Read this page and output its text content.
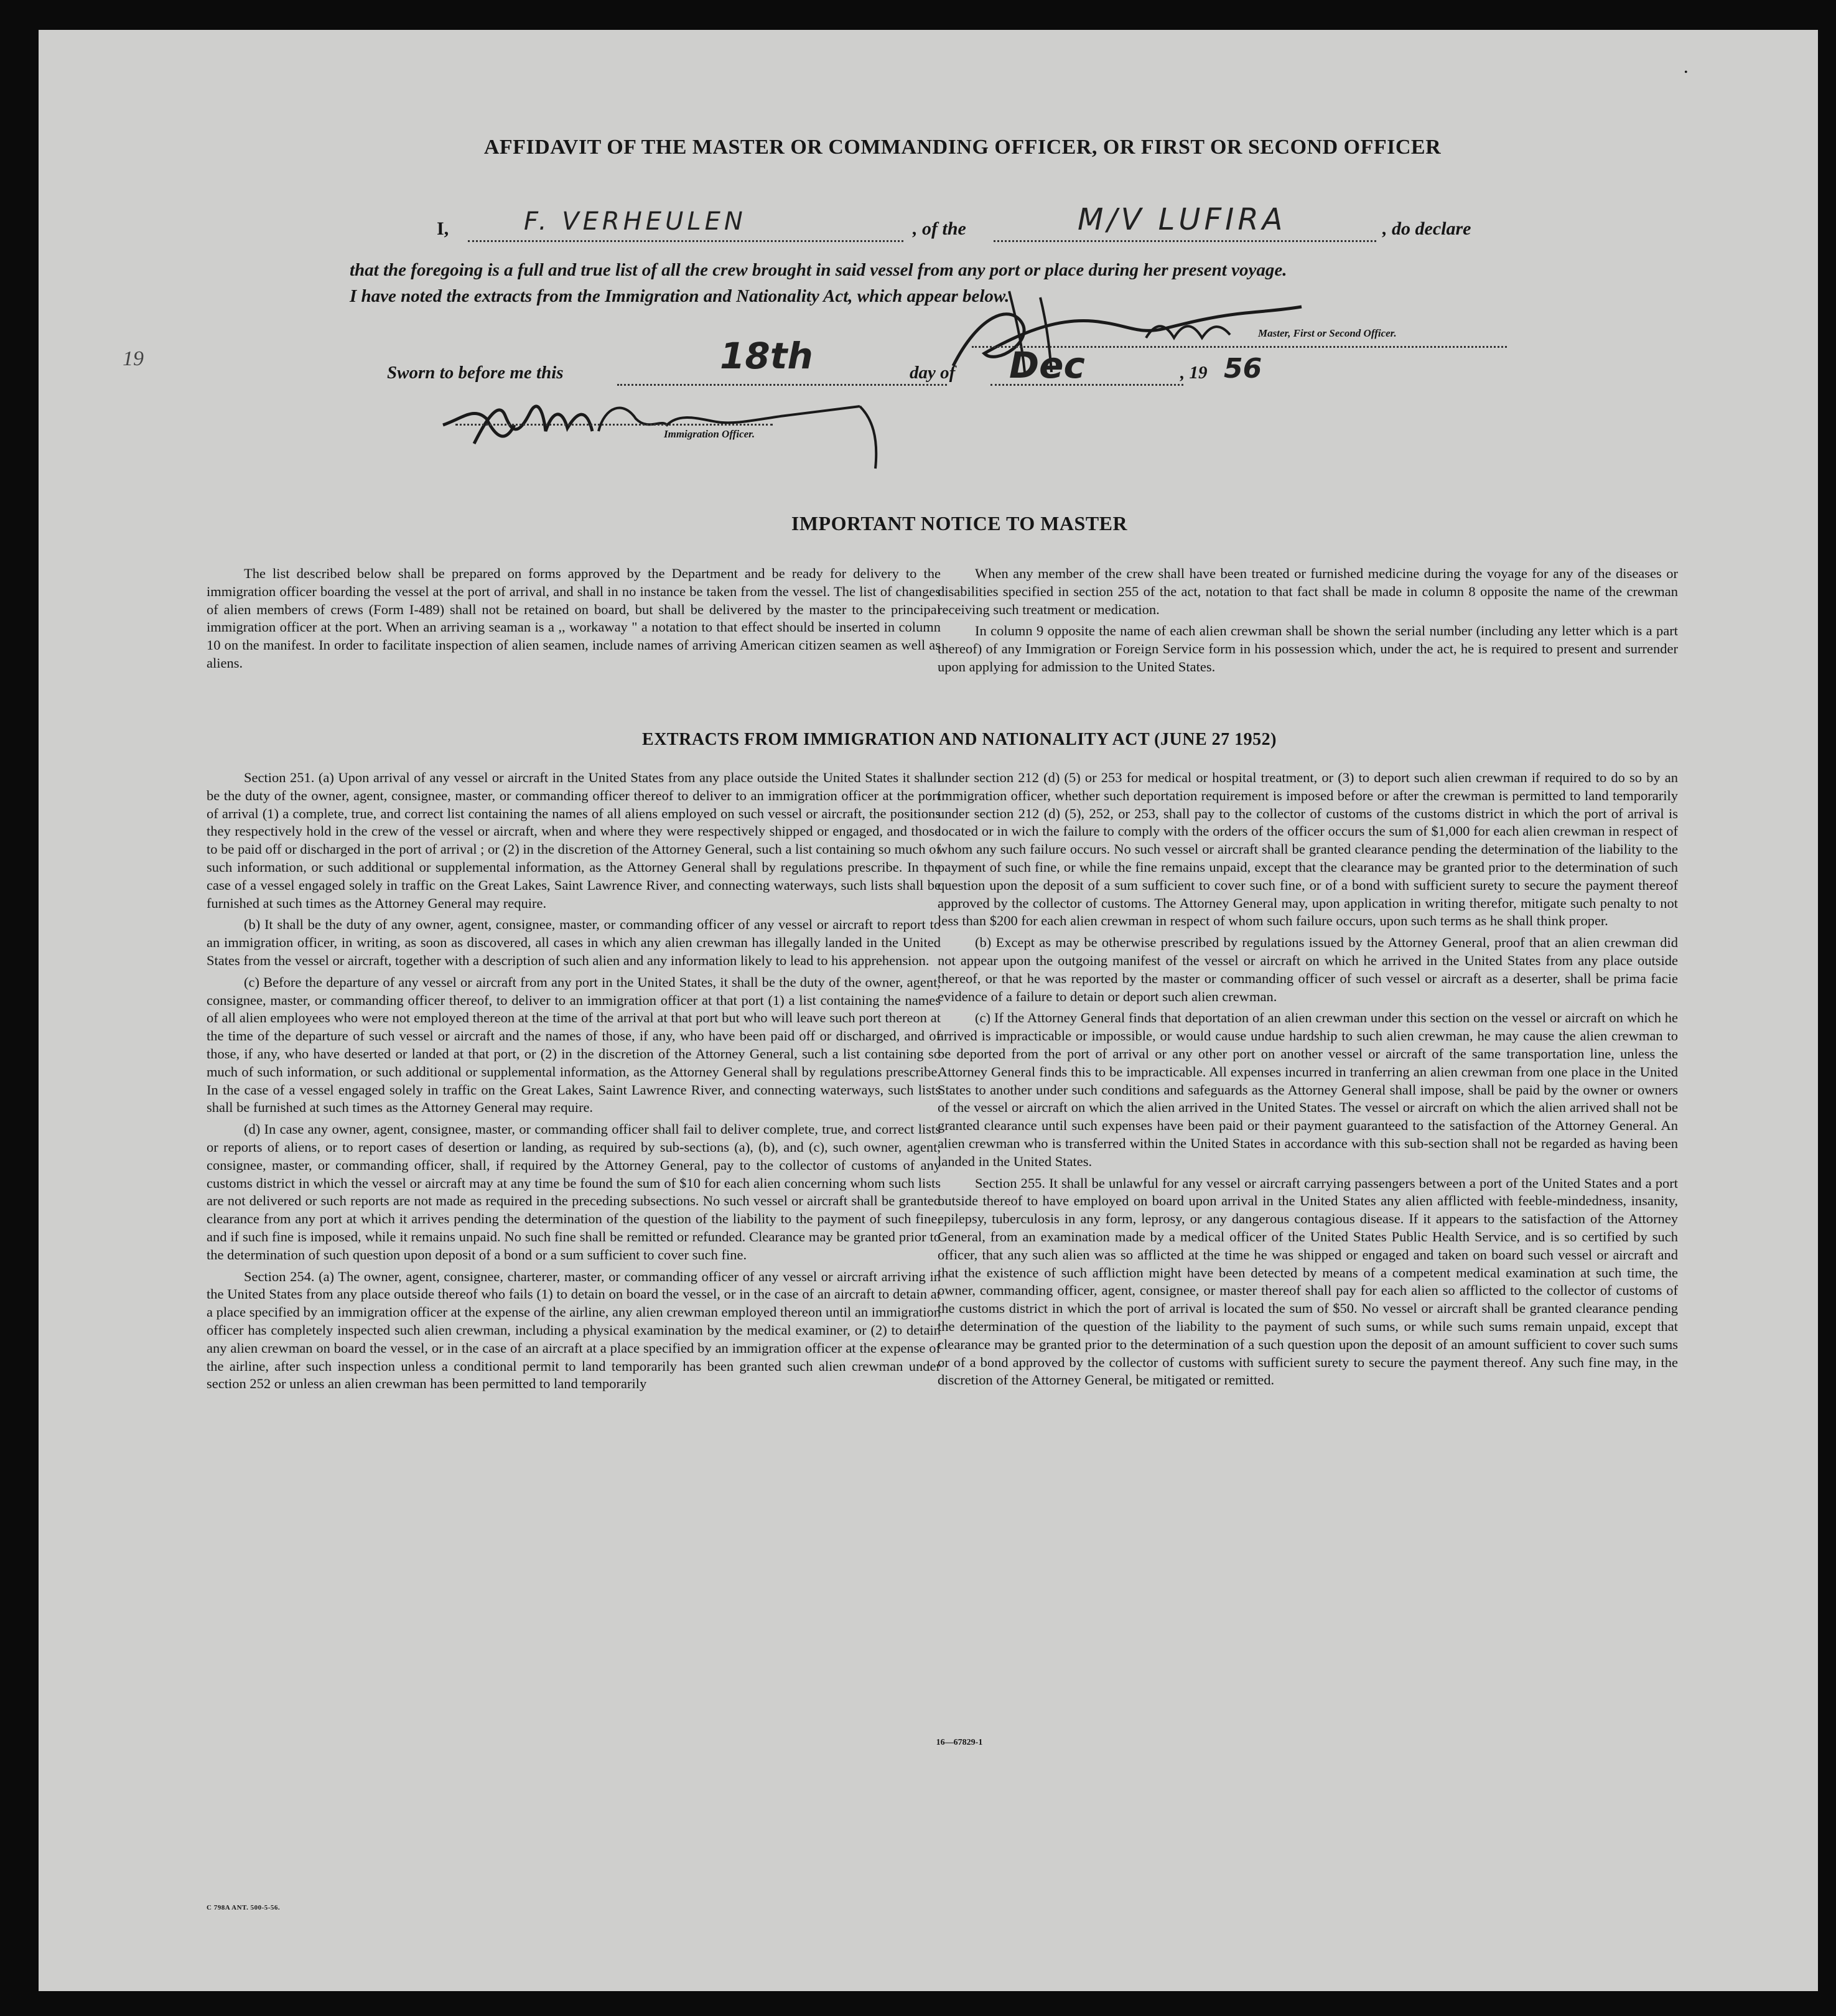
•
AFFIDAVIT OF THE MASTER OR COMMANDING OFFICER, OR FIRST OR SECOND OFFICER
I,	F. VERHEULEN	, of the	M/V LUFIRA	, do declare
that the foregoing is a full and true list of all the crew brought in said vessel from any port or place during her present voyage.
I have noted the extracts from the Immigration and Nationality Act, which appear below.
19
Master, First or Second Officer.
Sworn to before me this	18th	day of Dec	, 19 56
Immigration Officer.
IMPORTANT NOTICE TO MASTER

The list described below shall be prepared on forms approved by the Department and be ready for delivery to the immigration officer boarding the vessel at the port of arrival, and shall in no instance be taken from the vessel. The list of changes of alien members of crews (Form I-489) shall not be retained on board, but shall be delivered by the master to the principal immigration officer at the port. When an arriving seaman is a ,, workaway " a notation to that effect should be inserted in column 10 on the manifest. In order to facilitate inspection of alien seamen, include names of arriving American citizen seamen as well as aliens.

When any member of the crew shall have been treated or furnished medicine during the voyage for any of the diseases or disabilities specified in section 255 of the act, notation to that fact shall be made in column 8 opposite the name of the crewman receiving such treatment or medication.

In column 9 opposite the name of each alien crewman shall be shown the serial number (including any letter which is a part thereof) of any Immigration or Foreign Service form in his possession which, under the act, he is required to present and surrender upon applying for admission to the United States.

EXTRACTS FROM IMMIGRATION AND NATIONALITY ACT (JUNE 27 1952)

Section 251. (a) Upon arrival of any vessel or aircraft in the United States from any place outside the United States it shall be the duty of the owner, agent, consignee, master, or commanding officer thereof to deliver to an immigration officer at the port of arrival (1) a complete, true, and correct list containing the names of all aliens employed on such vessel or aircraft, the positions they respectively hold in the crew of the vessel or aircraft, when and where they were respectively shipped or engaged, and those to be paid off or discharged in the port of arrival ; or (2) in the discretion of the Attorney General, such a list containing so much of such information, or such additional or supplemental information, as the Attorney General shall by regulations prescribe. In the case of a vessel engaged solely in traffic on the Great Lakes, Saint Lawrence River, and connecting waterways, such lists shall be furnished at such times as the Attorney General may require.

(b) It shall be the duty of any owner, agent, consignee, master, or commanding officer of any vessel or aircraft to report to an immigration officer, in writing, as soon as discovered, all cases in which any alien crewman has illegally landed in the United States from the vessel or aircraft, together with a description of such alien and any information likely to lead to his apprehension.

(c) Before the departure of any vessel or aircraft from any port in the United States, it shall be the duty of the owner, agent, consignee, master, or commanding officer thereof, to deliver to an immigration officer at that port (1) a list containing the names of all alien employees who were not employed thereon at the time of the arrival at that port but who will leave such port thereon at the time of the departure of such vessel or aircraft and the names of those, if any, who have been paid off or discharged, and of those, if any, who have deserted or landed at that port, or (2) in the discretion of the Attorney General, such a list containing so much of such information, or such additional or supplemental information, as the Attorney General shall by regulations prescribe. In the case of a vessel engaged solely in traffic on the Great Lakes, Saint Lawrence River, and connecting waterways, such lists shall be furnished at such times as the Attorney General may require.

(d) In case any owner, agent, consignee, master, or commanding officer shall fail to deliver complete, true, and correct lists or reports of aliens, or to report cases of desertion or landing, as required by sub-sections (a), (b), and (c), such owner, agent, consignee, master, or commanding officer, shall, if required by the Attorney General, pay to the collector of customs of any customs district in which the vessel or aircraft may at any time be found the sum of $10 for each alien concerning whom such lists are not delivered or such reports are not made as required in the preceding subsections. No such vessel or aircraft shall be granted clearance from any port at which it arrives pending the determination of the question of the liability to the payment of such fine, and if such fine is imposed, while it remains unpaid. No such fine shall be remitted or refunded. Clearance may be granted prior to the determination of such question upon deposit of a bond or a sum sufficient to cover such fine.

Section 254. (a) The owner, agent, consignee, charterer, master, or commanding officer of any vessel or aircraft arriving in the United States from any place outside thereof who fails (1) to detain on board the vessel, or in the case of an aircraft to detain at a place specified by an immigration officer at the expense of the airline, any alien crewman employed thereon until an immigration officer has completely inspected such alien crewman, including a physical examination by the medical examiner, or (2) to detain any alien crewman on board the vessel, or in the case of an aircraft at a place specified by an immigration officer at the expense of the airline, after such inspection unless a conditional permit to land temporarily has been granted such alien crewman under section 252 or unless an alien crewman has been permitted to land temporarily

under section 212 (d) (5) or 253 for medical or hospital treatment, or (3) to deport such alien crewman if required to do so by an immigration officer, whether such deportation requirement is imposed before or after the crewman is permitted to land temporarily under section 212 (d) (5), 252, or 253, shall pay to the collector of customs of the customs district in which the port of arrival is located or in wich the failure to comply with the orders of the officer occurs the sum of $1,000 for each alien crewman in respect of whom any such failure occurs. No such vessel or aircraft shall be granted clearance pending the determination of the liability to the payment of such fine, or while the fine remains unpaid, except that the clearance may be granted prior to the determination of such question upon the deposit of a sum sufficient to cover such fine, or of a bond with sufficient surety to secure the payment thereof approved by the collector of customs. The Attorney General may, upon application in writing therefor, mitigate such penalty to not less than $200 for each alien crewman in respect of whom such failure occurs, upon such terms as he shall think proper.

(b) Except as may be otherwise prescribed by regulations issued by the Attorney General, proof that an alien crewman did not appear upon the outgoing manifest of the vessel or aircraft on which he arrived in the United States from any place outside thereof, or that he was reported by the master or commanding officer of such vessel or aircraft as a deserter, shall be prima facie evidence of a failure to detain or deport such alien crewman.

(c) If the Attorney General finds that deportation of an alien crewman under this section on the vessel or aircraft on which he arrived is impracticable or impossible, or would cause undue hardship to such alien crewman, he may cause the alien crewman to be deported from the port of arrival or any other port on another vessel or aircraft of the same transportation line, unless the Attorney General finds this to be impracticable. All expenses incurred in tranferring an alien crewman from one place in the United States to another under such conditions and safeguards as the Attorney General shall impose, shall be paid by the owner or owners of the vessel or aircraft on which the alien arrived in the United States. The vessel or aircraft on which the alien arrived shall not be granted clearance until such expenses have been paid or their payment guaranteed to the satisfaction of the Attorney General. An alien crewman who is transferred within the United States in accordance with this sub-section shall not be regarded as having been landed in the United States.

Section 255. It shall be unlawful for any vessel or aircraft carrying passengers between a port of the United States and a port outside thereof to have employed on board upon arrival in the United States any alien afflicted with feeble-mindedness, insanity, epilepsy, tuberculosis in any form, leprosy, or any dangerous contagious disease. If it appears to the satisfaction of the Attorney General, from an examination made by a medical officer of the United States Public Health Service, and is so certified by such officer, that any such alien was so afflicted at the time he was shipped or engaged and taken on board such vessel or aircraft and that the existence of such affliction might have been detected by means of a competent medical examination at such time, the owner, commanding officer, agent, consignee, or master thereof shall pay for each alien so afflicted to the collector of customs of the customs district in which the port of arrival is located the sum of $50. No vessel or aircraft shall be granted clearance pending the determination of the question of the liability to the payment of such sums, or while such sums remain unpaid, except that clearance may be granted prior to the determination of a such question upon the deposit of an amount sufficient to cover such sums or of a bond approved by the collector of customs with sufficient surety to secure the payment thereof. Any such fine may, in the discretion of the Attorney General, be mitigated or remitted.

16—67829-1
C 798A ANT. 500-5-56.
